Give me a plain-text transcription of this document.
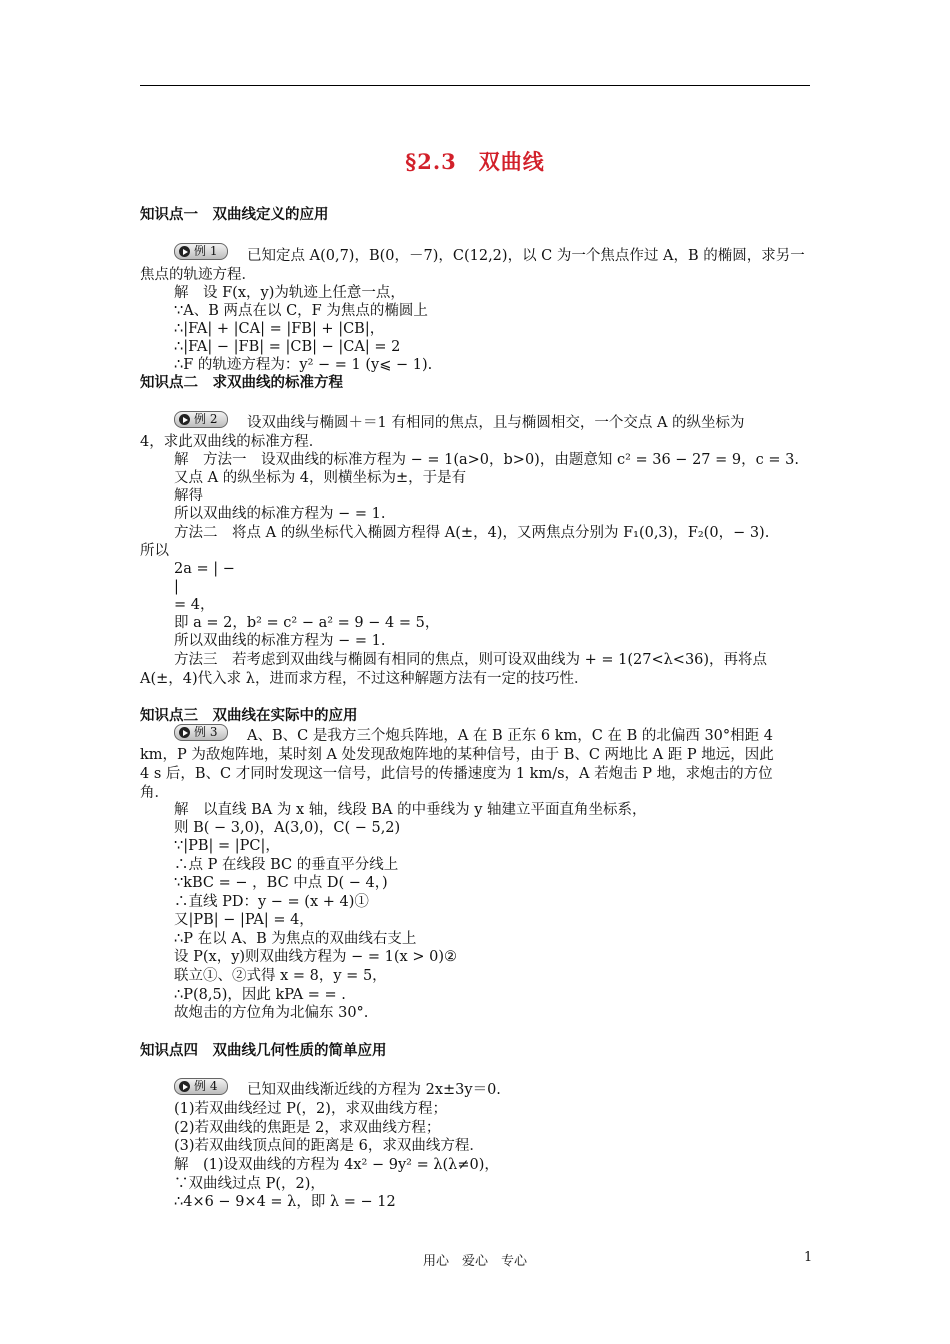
§2.3　双曲线
知识点一　双曲线定义的应用
例 1 已知定点 A(0,7)，B(0，－7)，C(12,2)，以 C 为一个焦点作过 A，B 的椭圆，求另一
焦点的轨迹方程．
解　设 F(x，y)为轨迹上任意一点，
∵A、B 两点在以 C，F 为焦点的椭圆上
∴|FA| + |CA| = |FB| + |CB|，
∴|FA| − |FB| = |CB| − |CA| = 2
∴F 的轨迹方程为：y² − = 1 (y⩽ − 1).
知识点二　求双曲线的标准方程
例 2 设双曲线与椭圆＋＝1 有相同的焦点，且与椭圆相交，一个交点 A 的纵坐标为
4，求此双曲线的标准方程．
解　方法一　设双曲线的标准方程为 − = 1(a>0，b>0)，由题意知 c² = 36 − 27 = 9，c = 3.
又点 A 的纵坐标为 4，则横坐标为±，于是有
解得
所以双曲线的标准方程为 − = 1.
方法二　将点 A 的纵坐标代入椭圆方程得 A(±，4)，又两焦点分别为 F₁(0,3)，F₂(0，− 3).
所以
2a = | −
|
= 4，
即 a = 2，b² = c² − a² = 9 − 4 = 5，
所以双曲线的标准方程为 − = 1.
方法三　若考虑到双曲线与椭圆有相同的焦点，则可设双曲线为 + = 1(27<λ<36)，再将点
A(±，4)代入求 λ，进而求方程，不过这种解题方法有一定的技巧性．
知识点三　双曲线在实际中的应用
例 3 A、B、C 是我方三个炮兵阵地，A 在 B 正东 6 km，C 在 B 的北偏西 30°相距 4
km，P 为敌炮阵地，某时刻 A 处发现敌炮阵地的某种信号，由于 B、C 两地比 A 距 P 地远，因此
4 s 后，B、C 才同时发现这一信号，此信号的传播速度为 1 km/s，A 若炮击 P 地，求炮击的方位
角．
解　以直线 BA 为 x 轴，线段 BA 的中垂线为 y 轴建立平面直角坐标系，
则 B( − 3,0)，A(3,0)，C( − 5,2)
∵|PB| = |PC|，
∴点 P 在线段 BC 的垂直平分线上
∵kBC = − ，BC 中点 D( − 4，)
∴直线 PD：y − = (x + 4)①
又|PB| − |PA| = 4，
∴P 在以 A、B 为焦点的双曲线右支上
设 P(x，y)则双曲线方程为 − = 1(x > 0)②
联立①、②式得 x = 8，y = 5，
∴P(8,5)，因此 kPA = = .
故炮击的方位角为北偏东 30°.
知识点四　双曲线几何性质的简单应用
例 4 已知双曲线渐近线的方程为 2x±3y＝0.
(1)若双曲线经过 P(，2)，求双曲线方程；
(2)若双曲线的焦距是 2，求双曲线方程；
(3)若双曲线顶点间的距离是 6，求双曲线方程．
解　(1)设双曲线的方程为 4x² − 9y² = λ(λ≠0)，
∵双曲线过点 P(，2)，
∴4×6 − 9×4 = λ，即 λ = − 12
用心　爱心　专心	1
